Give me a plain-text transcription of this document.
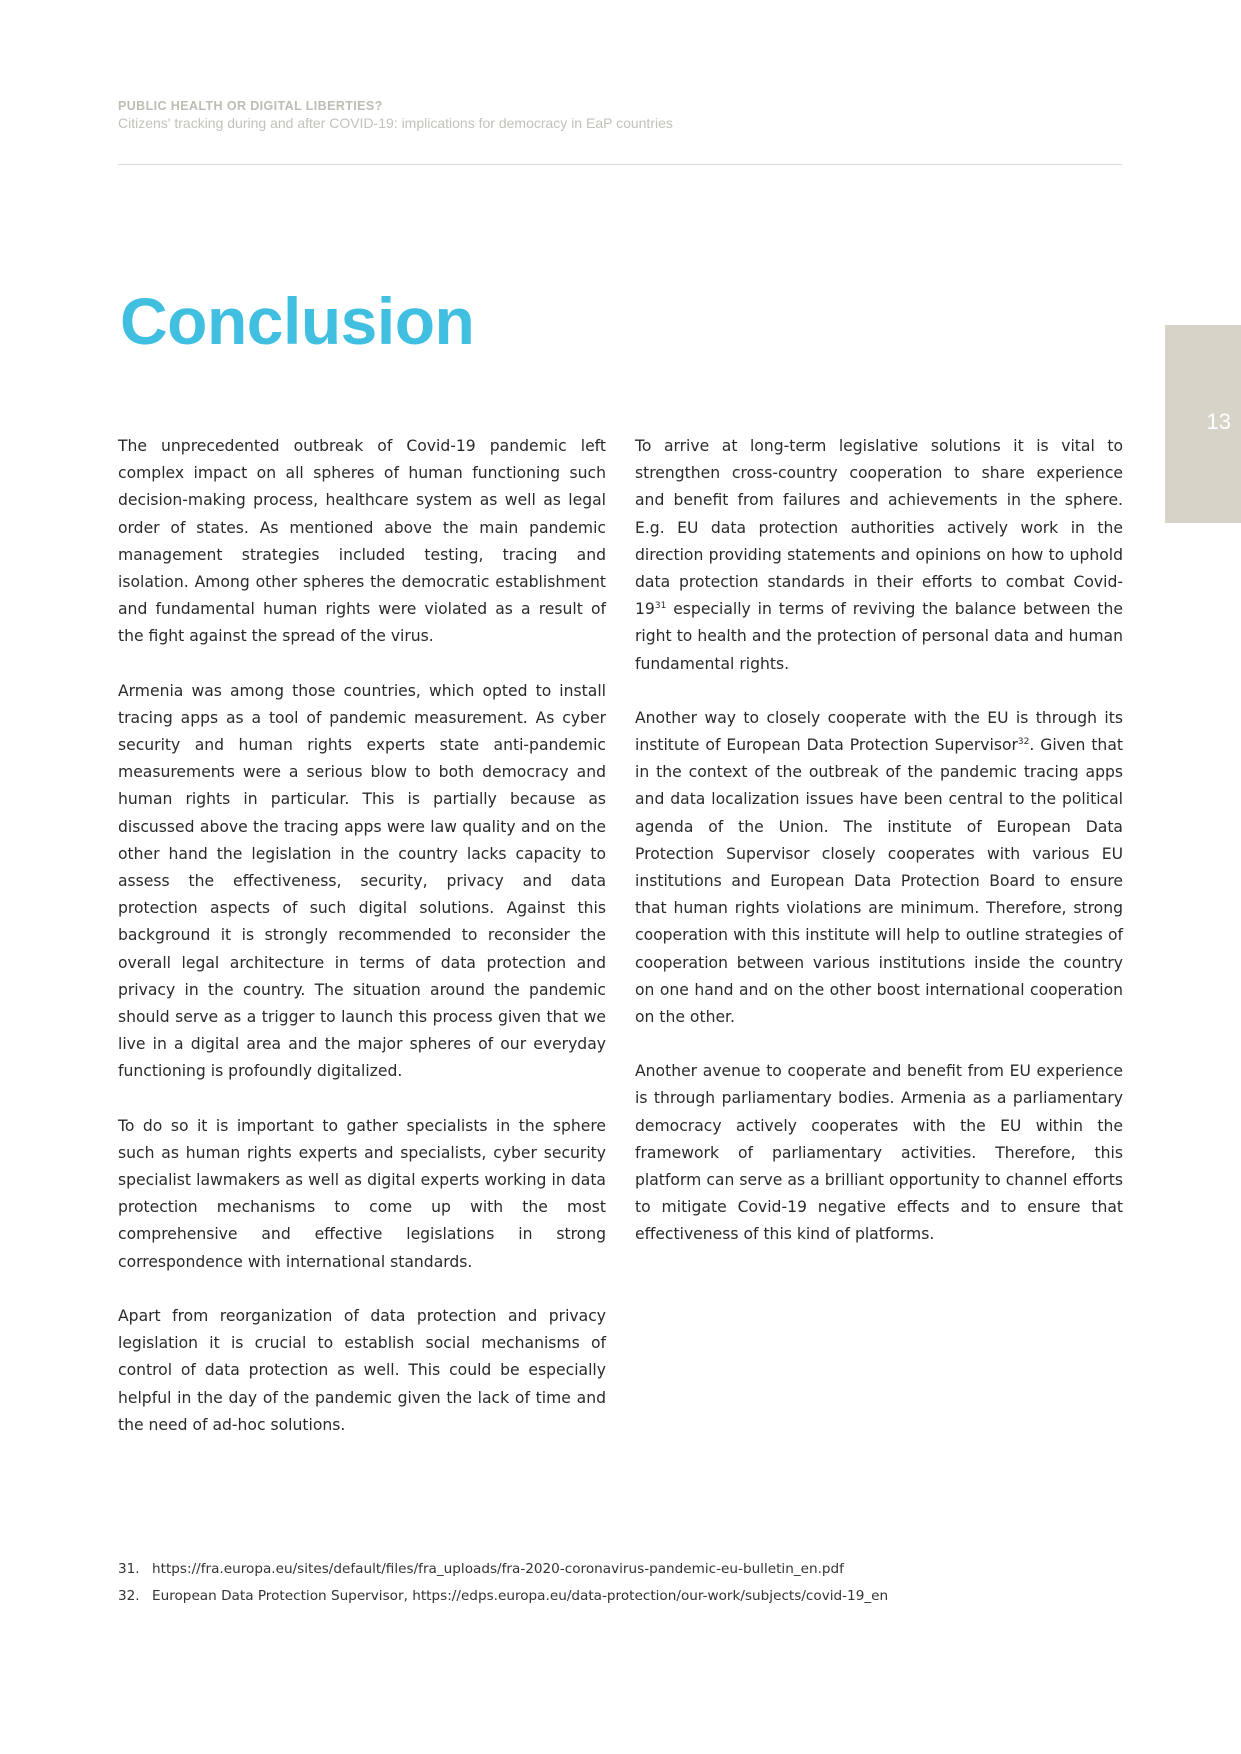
PUBLIC HEALTH OR DIGITAL LIBERTIES?
Citizens' tracking during and after COVID-19: implications for democracy in EaP countries
Conclusion
13

The unprecedented outbreak of Covid-19 pandemic left complex impact on all spheres of human functioning such decision-making process, healthcare system as well as legal order of states. As mentioned above the main pandemic management strategies included testing, tracing and isolation. Among other spheres the democratic establishment and fundamental human rights were violated as a result of the fight against the spread of the virus.

Armenia was among those countries, which opted to install tracing apps as a tool of pandemic measurement. As cyber security and human rights experts state anti-pandemic measurements were a serious blow to both democracy and human rights in particular. This is partially because as discussed above the tracing apps were law quality and on the other hand the legislation in the country lacks capacity to assess the effectiveness, security, privacy and data protection aspects of such digital solutions. Against this background it is strongly recommended to reconsider the overall legal architecture in terms of data protection and privacy in the country. The situation around the pandemic should serve as a trigger to launch this process given that we live in a digital area and the major spheres of our everyday functioning is profoundly digitalized.

To do so it is important to gather specialists in the sphere such as human rights experts and specialists, cyber security specialist lawmakers as well as digital experts working in data protection mechanisms to come up with the most comprehensive and effective legislations in strong correspondence with international standards.

Apart from reorganization of data protection and privacy legislation it is crucial to establish social mechanisms of control of data protection as well. This could be especially helpful in the day of the pandemic given the lack of time and the need of ad-hoc solutions.

To arrive at long-term legislative solutions it is vital to strengthen cross-country cooperation to share experience and benefit from failures and achievements in the sphere. E.g. EU data protection authorities actively work in the direction providing statements and opinions on how to uphold data protection standards in their efforts to combat Covid-$19^{31}$ especially in terms of reviving the balance between the right to health and the protection of personal data and human fundamental rights.

Another way to closely cooperate with the EU is through its institute of European Data Protection Supervisor$^{32}$. Given that in the context of the outbreak of the pandemic tracing apps and data localization issues have been central to the political agenda of the Union. The institute of European Data Protection Supervisor closely cooperates with various EU institutions and European Data Protection Board to ensure that human rights violations are minimum. Therefore, strong cooperation with this institute will help to outline strategies of cooperation between various institutions inside the country on one hand and on the other boost international cooperation on the other.

Another avenue to cooperate and benefit from EU experience is through parliamentary bodies. Armenia as a parliamentary democracy actively cooperates with the EU within the framework of parliamentary activities. Therefore, this platform can serve as a brilliant opportunity to channel efforts to mitigate Covid-19 negative effects and to ensure that effectiveness of this kind of platforms.

31. https://fra.europa.eu/sites/default/files/fra_uploads/fra-2020-coronavirus-pandemic-eu-bulletin_en.pdf
32. European Data Protection Supervisor, https://edps.europa.eu/data-protection/our-work/subjects/covid-19_en
